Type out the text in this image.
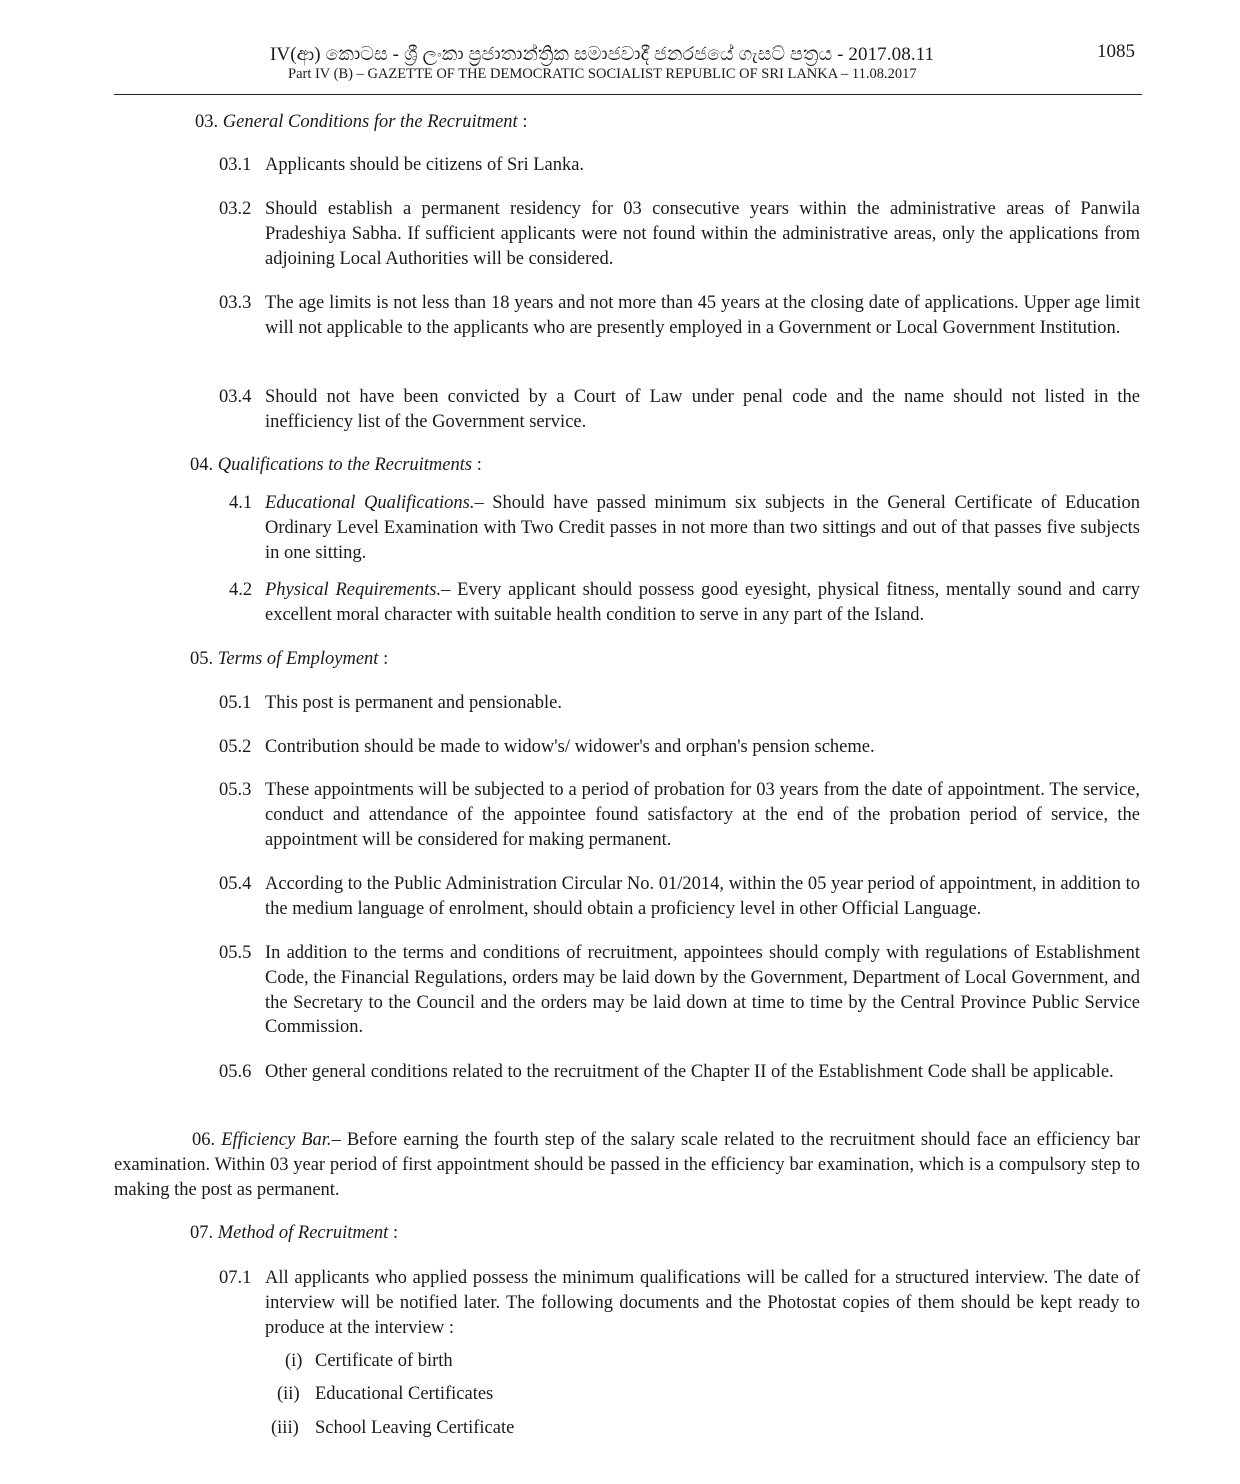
IV(ආ) කොටස - ශ්‍රී ලංකා ප්‍රජාතාන්ත්‍රික සමාජවාදී ජනරජයේ ගැසට් පත්‍රය - 2017.08.11
Part IV (B) – GAZETTE OF THE DEMOCRATIC SOCIALIST REPUBLIC OF SRI LANKA – 11.08.2017
1085
03. General Conditions for the Recruitment :
03.1 Applicants should be citizens of Sri Lanka.
03.2 Should establish a permanent residency for 03 consecutive years within the administrative areas of Panwila Pradeshiya Sabha. If sufficient applicants were not found within the administrative areas, only the applications from adjoining Local Authorities will be considered.
03.3 The age limits is not less than 18 years and not more than 45 years at the closing date of applications. Upper age limit will not applicable to the applicants who are presently employed in a Government or Local Government Institution.
03.4 Should not have been convicted by a Court of Law under penal code and the name should not listed in the inefficiency list of the Government service.
04. Qualifications to the Recruitments :
4.1 Educational Qualifications.– Should have passed minimum six subjects in the General Certificate of Education Ordinary Level Examination with Two Credit passes in not more than two sittings and out of that passes five subjects in one sitting.
4.2 Physical Requirements.– Every applicant should possess good eyesight, physical fitness, mentally sound and carry excellent moral character with suitable health condition to serve in any part of the Island.
05. Terms of Employment :
05.1 This post is permanent and pensionable.
05.2 Contribution should be made to widow's/ widower's and orphan's pension scheme.
05.3 These appointments will be subjected to a period of probation for 03 years from the date of appointment. The service, conduct and attendance of the appointee found satisfactory at the end of the probation period of service, the appointment will be considered for making permanent.
05.4 According to the Public Administration Circular No. 01/2014, within the 05 year period of appointment, in addition to the medium language of enrolment, should obtain a proficiency level in other Official Language.
05.5 In addition to the terms and conditions of recruitment, appointees should comply with regulations of Establishment Code, the Financial Regulations, orders may be laid down by the Government, Department of Local Government, and the Secretary to the Council and the orders may be laid down at time to time by the Central Province Public Service Commission.
05.6 Other general conditions related to the recruitment of the Chapter II of the Establishment Code shall be applicable.
06. Efficiency Bar.– Before earning the fourth step of the salary scale related to the recruitment should face an efficiency bar examination. Within 03 year period of first appointment should be passed in the efficiency bar examination, which is a compulsory step to making the post as permanent.
07. Method of Recruitment :
07.1 All applicants who applied possess the minimum qualifications will be called for a structured interview. The date of interview will be notified later. The following documents and the Photostat copies of them should be kept ready to produce at the interview :
(i) Certificate of birth
(ii) Educational Certificates
(iii) School Leaving Certificate
